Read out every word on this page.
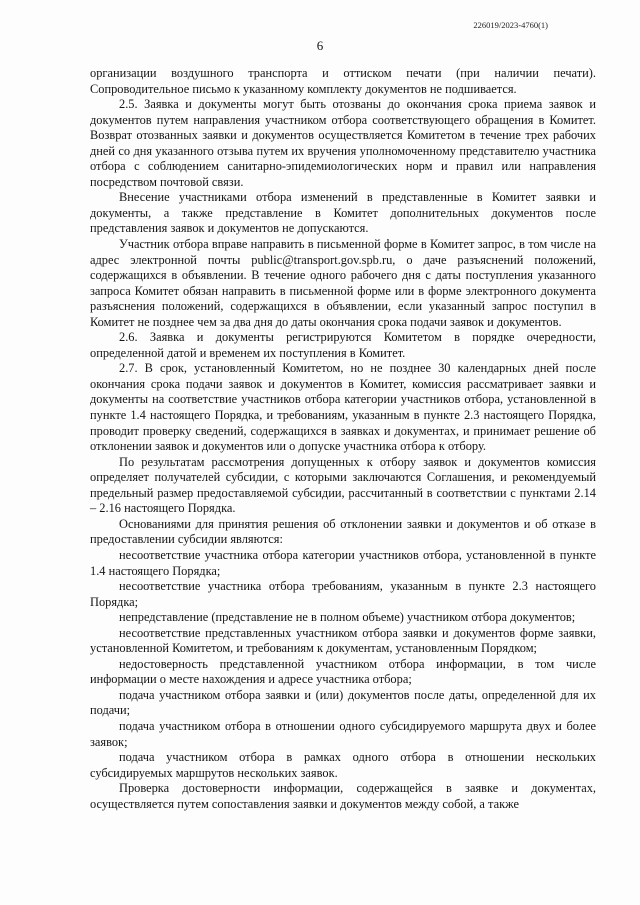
226019/2023-4760(1)
6

организации воздушного транспорта и оттиском печати (при наличии печати). Сопроводительное письмо к указанному комплекту документов не подшивается.

2.5. Заявка и документы могут быть отозваны до окончания срока приема заявок и документов путем направления участником отбора соответствующего обращения в Комитет. Возврат отозванных заявки и документов осуществляется Комитетом в течение трех рабочих дней со дня указанного отзыва путем их вручения уполномоченному представителю участника отбора с соблюдением санитарно-эпидемиологических норм и правил или направления посредством почтовой связи.

Внесение участниками отбора изменений в представленные в Комитет заявки и документы, а также представление в Комитет дополнительных документов после представления заявок и документов не допускаются.

Участник отбора вправе направить в письменной форме в Комитет запрос, в том числе на адрес электронной почты public@transport.gov.spb.ru, о даче разъяснений положений, содержащихся в объявлении. В течение одного рабочего дня с даты поступления указанного запроса Комитет обязан направить в письменной форме или в форме электронного документа разъяснения положений, содержащихся в объявлении, если указанный запрос поступил в Комитет не позднее чем за два дня до даты окончания срока подачи заявок и документов.

2.6. Заявка и документы регистрируются Комитетом в порядке очередности, определенной датой и временем их поступления в Комитет.

2.7. В срок, установленный Комитетом, но не позднее 30 календарных дней после окончания срока подачи заявок и документов в Комитет, комиссия рассматривает заявки и документы на соответствие участников отбора категории участников отбора, установленной в пункте 1.4 настоящего Порядка, и требованиям, указанным в пункте 2.3 настоящего Порядка, проводит проверку сведений, содержащихся в заявках и документах, и принимает решение об отклонении заявок и документов или о допуске участника отбора к отбору.

По результатам рассмотрения допущенных к отбору заявок и документов комиссия определяет получателей субсидии, с которыми заключаются Соглашения, и рекомендуемый предельный размер предоставляемой субсидии, рассчитанный в соответствии с пунктами 2.14 – 2.16 настоящего Порядка.

Основаниями для принятия решения об отклонении заявки и документов и об отказе в предоставлении субсидии являются:

несоответствие участника отбора категории участников отбора, установленной в пункте 1.4 настоящего Порядка;

несоответствие участника отбора требованиям, указанным в пункте 2.3 настоящего Порядка;

непредставление (представление не в полном объеме) участником отбора документов;

несоответствие представленных участником отбора заявки и документов форме заявки, установленной Комитетом, и требованиям к документам, установленным Порядком;

недостоверность представленной участником отбора информации, в том числе информации о месте нахождения и адресе участника отбора;

подача участником отбора заявки и (или) документов после даты, определенной для их подачи;

подача участником отбора в отношении одного субсидируемого маршрута двух и более заявок;

подача участником отбора в рамках одного отбора в отношении нескольких субсидируемых маршрутов нескольких заявок.

Проверка достоверности информации, содержащейся в заявке и документах, осуществляется путем сопоставления заявки и документов между собой, а также
